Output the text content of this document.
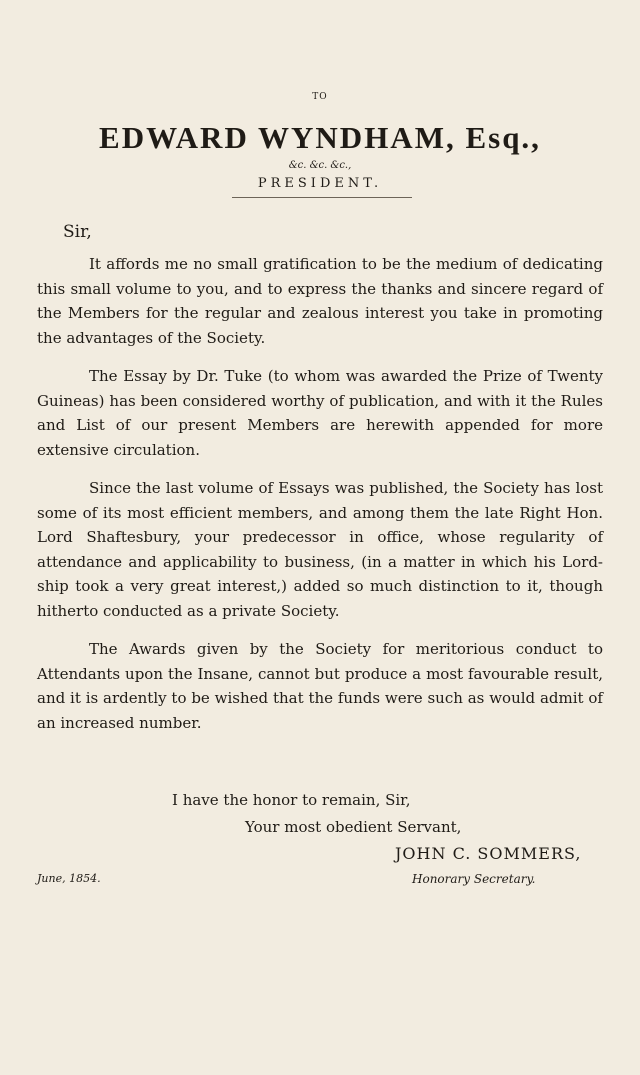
TO
EDWARD WYNDHAM, Esq.,
&c. &c. &c.,
PRESIDENT.
Sir,

It affords me no small gratification to be the medium of dedicating this small volume to you, and to express the thanks and sincere regard of the Members for the regular and zealous interest you take in promoting the advantages of the Society.

The Essay by Dr. Tuke (to whom was awarded the Prize of Twenty Guineas) has been considered worthy of publication, and with it the Rules and List of our present Members are herewith appended for more extensive circulation.

Since the last volume of Essays was published, the Society has lost some of its most efficient members, and among them the late Right Hon. Lord Shaftesbury, your predecessor in office, whose regularity of attendance and applicability to business, (in a matter in which his Lord-ship took a very great interest,) added so much distinction to it, though hitherto conducted as a private Society.

The Awards given by the Society for meritorious conduct to Attendants upon the Insane, cannot but produce a most favourable result, and it is ardently to be wished that the funds were such as would admit of an increased number.

I have the honor to remain, Sir,
Your most obedient Servant,
JOHN C. SOMMERS,
June, 1854.	Honorary Secretary.
